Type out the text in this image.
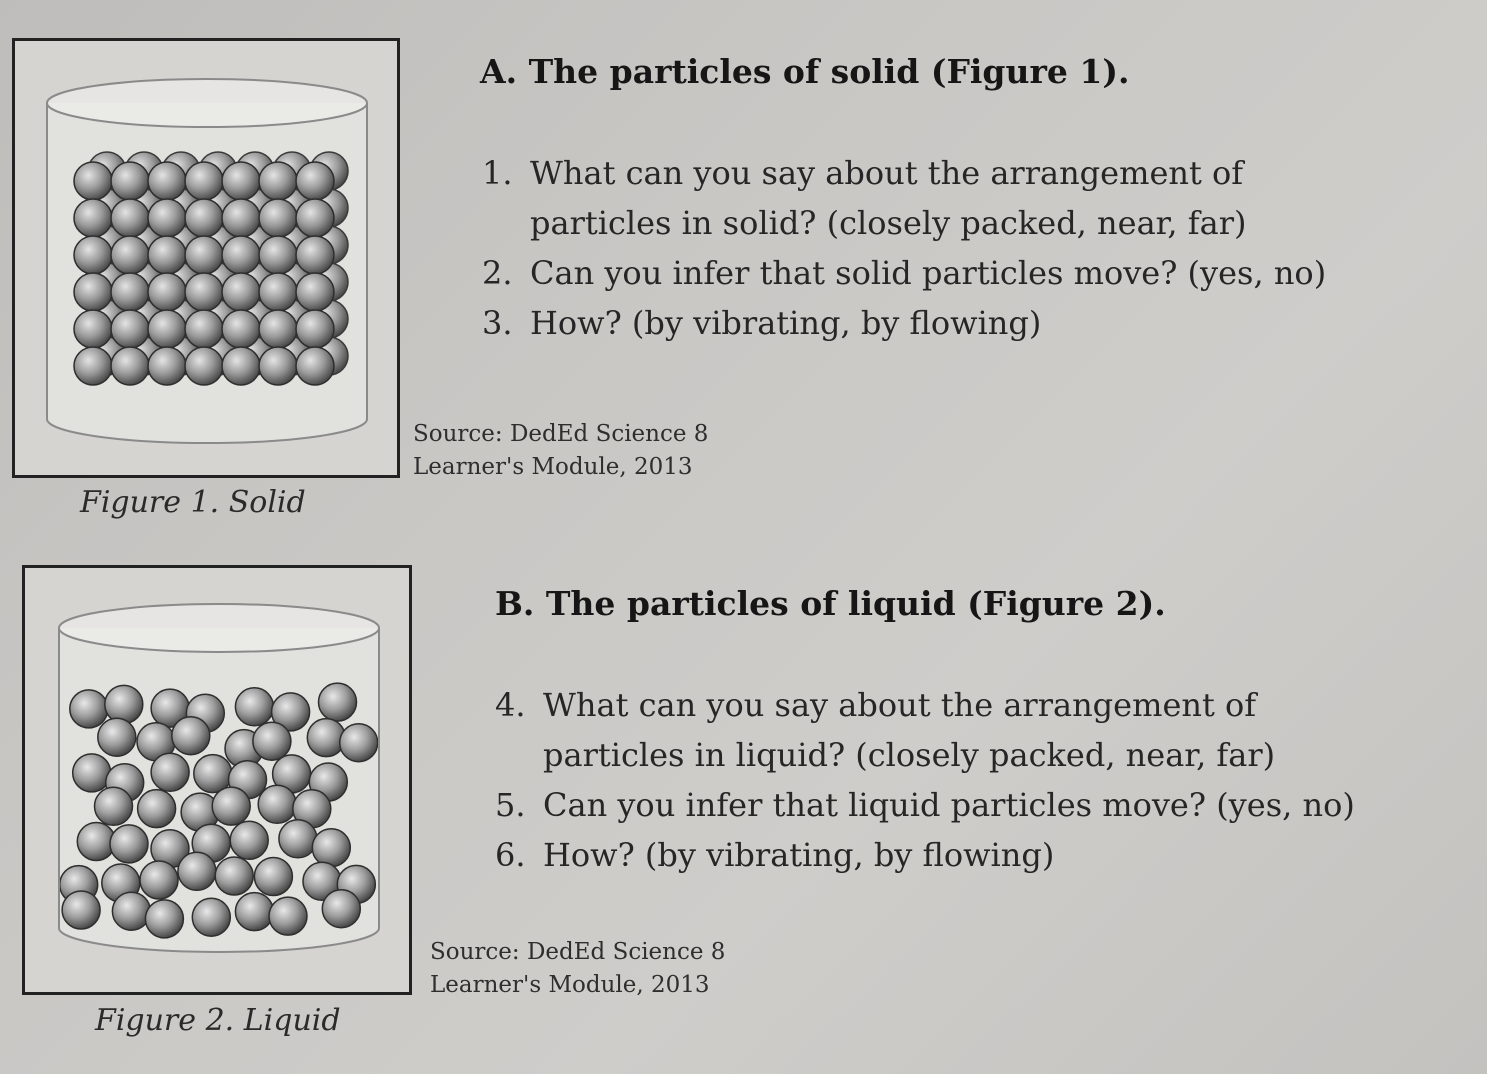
Figure 1. Solid
A. The particles of solid (Figure 1).
1. What can you say about the arrangement of particles in solid? (closely packed, near, far)
2. Can you infer that solid particles move? (yes, no)
3. How? (by vibrating, by flowing)
Source: DedEd Science 8
Learner's Module, 2013
Figure 2. Liquid
B. The particles of liquid (Figure 2).
4. What can you say about the arrangement of particles in liquid? (closely packed, near, far)
5. Can you infer that liquid particles move? (yes, no)
6. How? (by vibrating, by flowing)
Source: DedEd Science 8
Learner's Module, 2013
